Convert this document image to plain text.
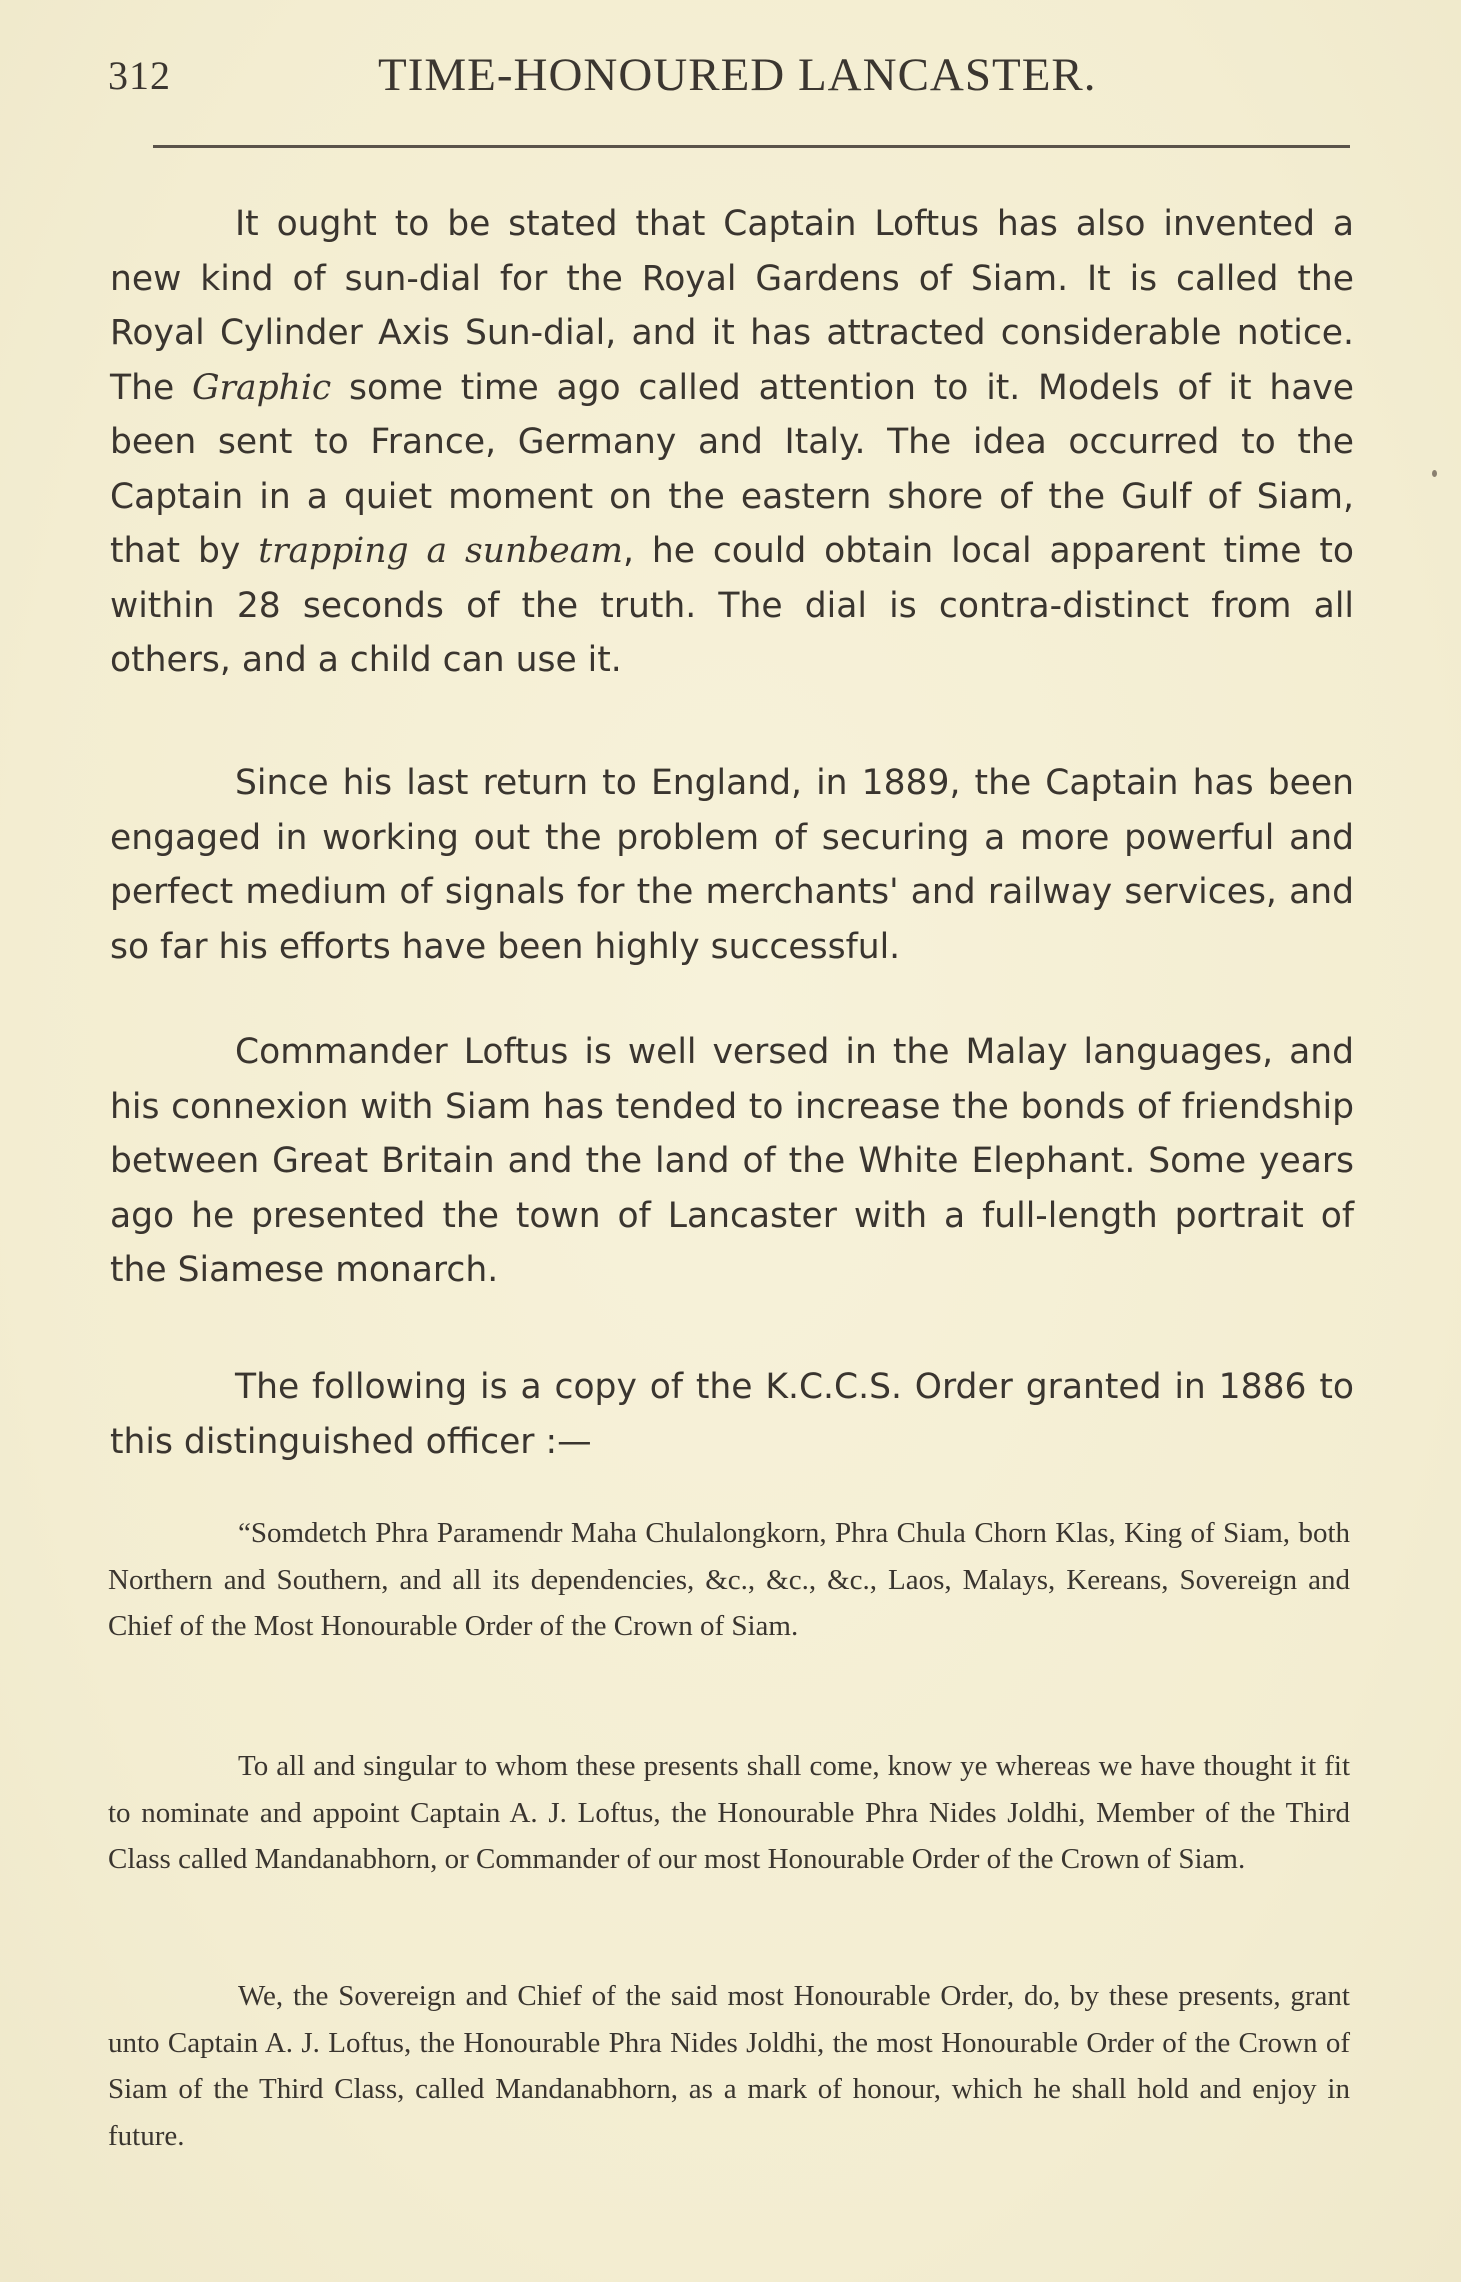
312	TIME-HONOURED LANCASTER.

It ought to be stated that Captain Loftus has also invented a new kind of sun-dial for the Royal Gardens of Siam. It is called the Royal Cylinder Axis Sun-dial, and it has attracted considerable notice. The Graphic some time ago called attention to it. Models of it have been sent to France, Germany and Italy. The idea occurred to the Captain in a quiet moment on the eastern shore of the Gulf of Siam, that by trapping a sunbeam, he could obtain local apparent time to within 28 seconds of the truth. The dial is contra-distinct from all others, and a child can use it.

Since his last return to England, in 1889, the Captain has been engaged in working out the problem of securing a more powerful and perfect medium of signals for the merchants' and railway services, and so far his efforts have been highly successful.

Commander Loftus is well versed in the Malay languages, and his connexion with Siam has tended to increase the bonds of friendship between Great Britain and the land of the White Elephant. Some years ago he presented the town of Lancaster with a full-length portrait of the Siamese monarch.

The following is a copy of the K.C.C.S. Order granted in 1886 to this distinguished officer :—

“Somdetch Phra Paramendr Maha Chulalongkorn, Phra Chula Chorn Klas, King of Siam, both Northern and Southern, and all its dependencies, &c., &c., &c., Laos, Malays, Kereans, Sovereign and Chief of the Most Honourable Order of the Crown of Siam.

To all and singular to whom these presents shall come, know ye whereas we have thought it fit to nominate and appoint Captain A. J. Loftus, the Honourable Phra Nides Joldhi, Member of the Third Class called Mandanabhorn, or Commander of our most Honourable Order of the Crown of Siam.

We, the Sovereign and Chief of the said most Honourable Order, do, by these presents, grant unto Captain A. J. Loftus, the Honourable Phra Nides Joldhi, the most Honourable Order of the Crown of Siam of the Third Class, called Mandanabhorn, as a mark of honour, which he shall hold and enjoy in future.
